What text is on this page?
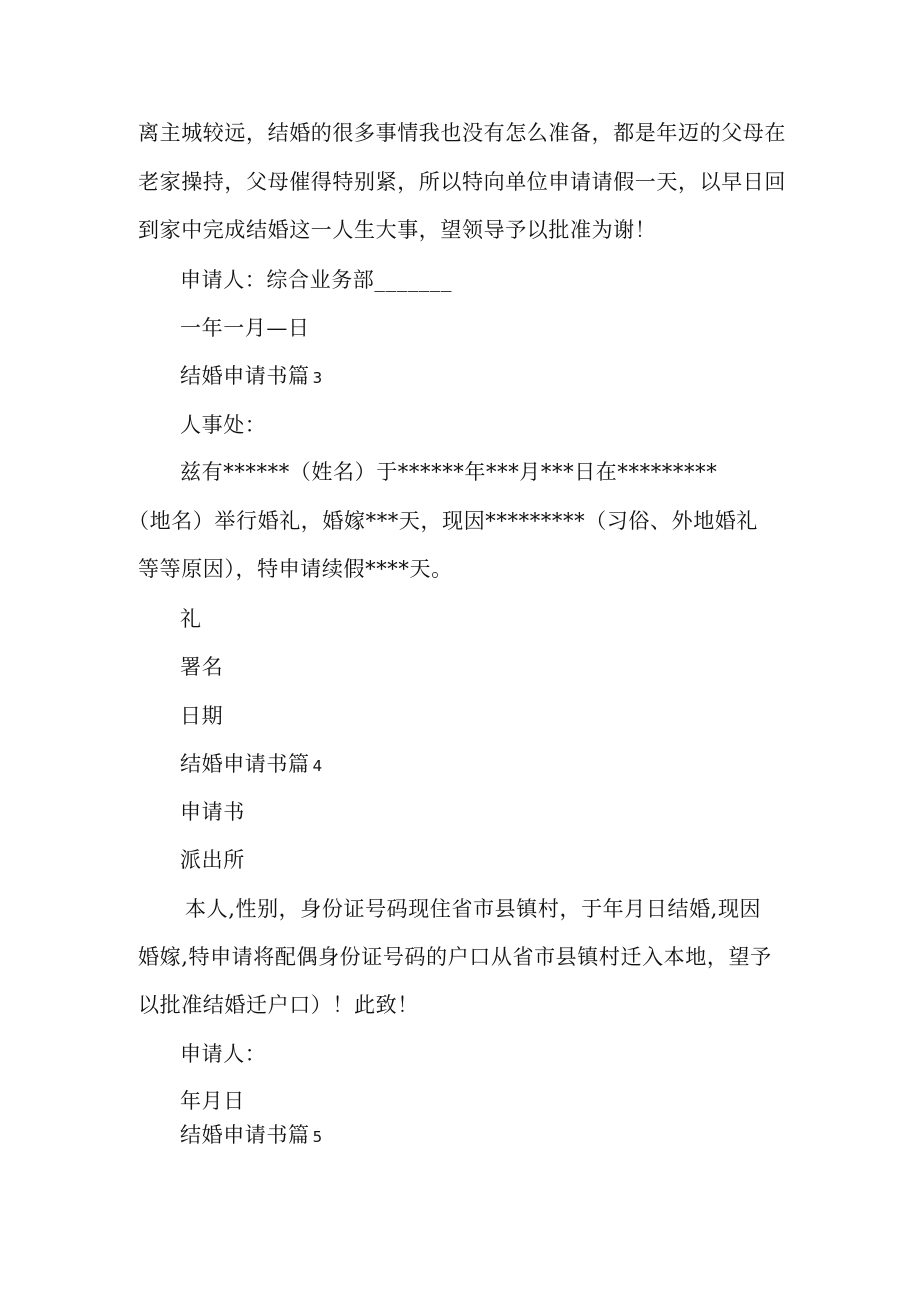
离主城较远，结婚的很多事情我也没有怎么准备，都是年迈的父母在
老家操持，父母催得特别紧，所以特向单位申请请假一天，以早日回
到家中完成结婚这一人生大事，望领导予以批准为谢！
申请人：综合业务部_______
一年一月—日
结婚申请书篇 3
人事处：
兹有******（姓名）于******年***月***日在*********
（地名）举行婚礼，婚嫁***天，现因*********（习俗、外地婚礼
等等原因），特申请续假****天。
礼
署名
日期
结婚申请书篇 4
申请书
派出所
本人,性别，身份证号码现住省市县镇村，于年月日结婚,现因
婚嫁,特申请将配偶身份证号码的户口从省市县镇村迁入本地，望予
以批准结婚迁户口）！此致！
申请人：
年月日
结婚申请书篇 5
